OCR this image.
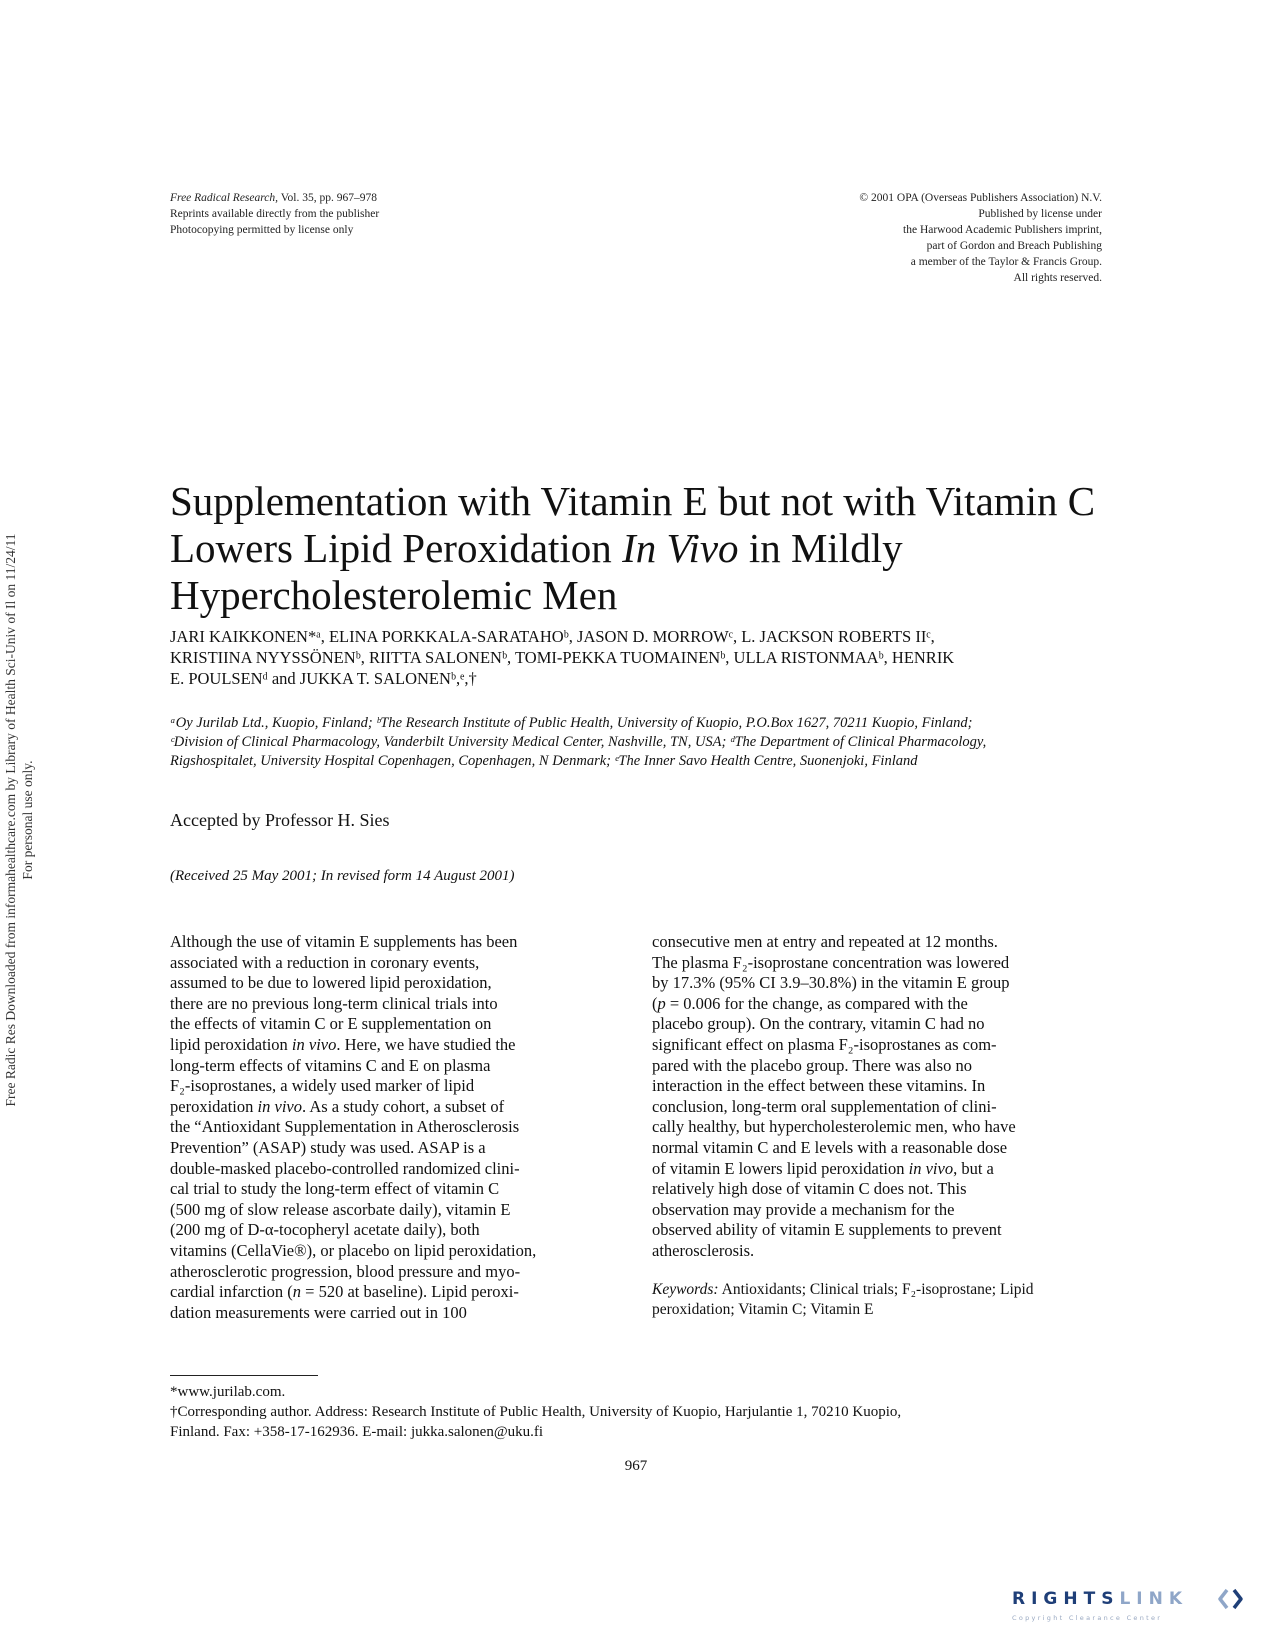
Free Radic Res Downloaded from informahealthcare.com by Library of Health Sci-Univ of Il on 11/24/11 For personal use only.
Free Radical Research, Vol. 35, pp. 967–978
Reprints available directly from the publisher
Photocopying permitted by license only
© 2001 OPA (Overseas Publishers Association) N.V.
Published by license under
the Harwood Academic Publishers imprint,
part of Gordon and Breach Publishing
a member of the Taylor & Francis Group.
All rights reserved.
Supplementation with Vitamin E but not with Vitamin C
Lowers Lipid Peroxidation In Vivo in Mildly
Hypercholesterolemic Men
JARI KAIKKONEN*ᵃ, ELINA PORKKALA-SARATAHOᵇ, JASON D. MORROWᶜ, L. JACKSON ROBERTS IIᶜ,
KRISTIINA NYYSSÖNENᵇ, RIITTA SALONENᵇ, TOMI-PEKKA TUOMAINENᵇ, ULLA RISTONMAAᵇ, HENRIK
E. POULSENᵈ and JUKKA T. SALONENᵇ,ᵉ,†
ᵃOy Jurilab Ltd., Kuopio, Finland; ᵇThe Research Institute of Public Health, University of Kuopio, P.O.Box 1627, 70211 Kuopio, Finland;
ᶜDivision of Clinical Pharmacology, Vanderbilt University Medical Center, Nashville, TN, USA; ᵈThe Department of Clinical Pharmacology,
Rigshospitalet, University Hospital Copenhagen, Copenhagen, N Denmark; ᵉThe Inner Savo Health Centre, Suonenjoki, Finland
Accepted by Professor H. Sies
(Received 25 May 2001; In revised form 14 August 2001)
Although the use of vitamin E supplements has been
associated with a reduction in coronary events,
assumed to be due to lowered lipid peroxidation,
there are no previous long-term clinical trials into
the effects of vitamin C or E supplementation on
lipid peroxidation in vivo. Here, we have studied the
long-term effects of vitamins C and E on plasma
F₂-isoprostanes, a widely used marker of lipid
peroxidation in vivo. As a study cohort, a subset of
the “Antioxidant Supplementation in Atherosclerosis
Prevention” (ASAP) study was used. ASAP is a
double-masked placebo-controlled randomized clini-
cal trial to study the long-term effect of vitamin C
(500 mg of slow release ascorbate daily), vitamin E
(200 mg of D-α-tocopheryl acetate daily), both
vitamins (CellaVie®), or placebo on lipid peroxidation,
atherosclerotic progression, blood pressure and myo-
cardial infarction (n = 520 at baseline). Lipid peroxi-
dation measurements were carried out in 100
consecutive men at entry and repeated at 12 months.
The plasma F₂-isoprostane concentration was lowered
by 17.3% (95% CI 3.9–30.8%) in the vitamin E group
(p = 0.006 for the change, as compared with the
placebo group). On the contrary, vitamin C had no
significant effect on plasma F₂-isoprostanes as com-
pared with the placebo group. There was also no
interaction in the effect between these vitamins. In
conclusion, long-term oral supplementation of clini-
cally healthy, but hypercholesterolemic men, who have
normal vitamin C and E levels with a reasonable dose
of vitamin E lowers lipid peroxidation in vivo, but a
relatively high dose of vitamin C does not. This
observation may provide a mechanism for the
observed ability of vitamin E supplements to prevent
atherosclerosis.
Keywords: Antioxidants; Clinical trials; F₂-isoprostane; Lipid
peroxidation; Vitamin C; Vitamin E
*www.jurilab.com.
†Corresponding author. Address: Research Institute of Public Health, University of Kuopio, Harjulantie 1, 70210 Kuopio,
Finland. Fax: +358-17-162936. E-mail: jukka.salonen@uku.fi
967
RIGHTSLINK
Copyright Clearance Center
